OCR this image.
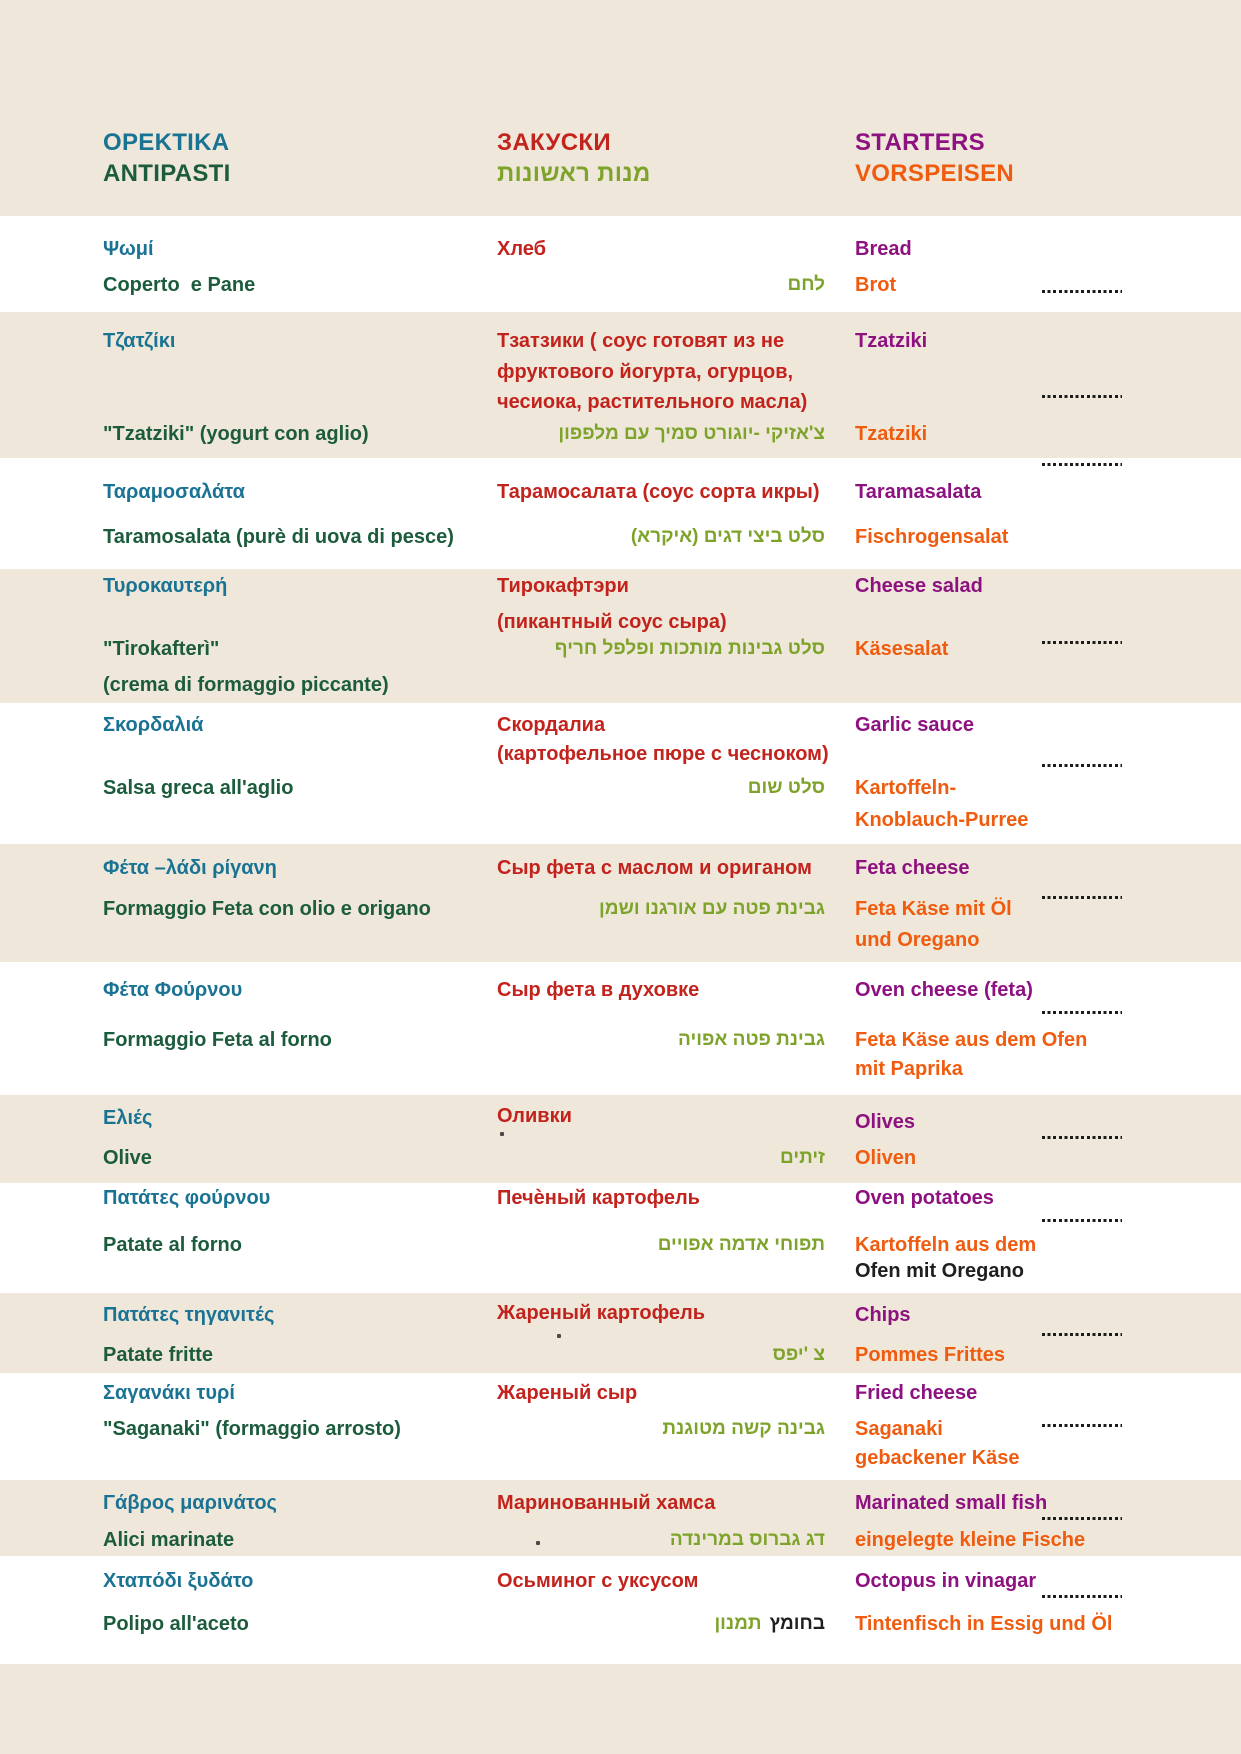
ΟΡΕΚΤΙΚΑ
ANTIPASTI
ЗАКУСКИ
מנות ראשונות
STARTERS
VORSPEISEN
Ψωμί	Хлеб	Bread
Coperto  e Pane	לחם Brot
Τζατζίκι	Тзатзики ( соус готовят из не	Tzatziki
фруктового йогурта, огурцов,
чесиока, растительного масла)
"Tzatziki" (yogurt con aglio)	צ'אזיקי -יוגורט סמיך עם מלפפון Tzatziki
Ταραμοσαλάτα	Тарамосалата (соус сорта икры) Taramasalata
Taramosalata (purè di uova di pesce)	סלט ביצי דגים (איקרא) Fischrogensalat
Τυροκαυτερή	Тирокафтэри	Cheese salad
(пикантный соус сыра)
"Tirokafterì"	סלט גבינות מותכות ופלפל חריף Käsesalat
(crema di formaggio piccante)
Σκορδαλιά	Скордалиа	Garlic sauce
(картофельное пюре с чесноком)
Salsa greca all'aglio	סלט שום Kartoffeln-
Knoblauch-Purree
Φέτα –λάδι ρίγανη	Сыр фета с маслом и ориганом Feta cheese
Formaggio Feta con olio e origano	גבינת פטה עם אורגנו ושמן Feta Käse mit Öl
und Oregano
Φέτα Φούρνου	Сыр фета в духовке	Oven cheese (feta)
Formaggio Feta al forno	גבינת פטה אפויה Feta Käse aus dem Ofen
mit Paprika
Ελιές	Оливки	Olives
Olive	זיתים Oliven
Πατάτες φούρνου	Печѐный картофель	Oven potatoes
Patate al forno	תפוחי אדמה אפויים Kartoffeln aus dem
Ofen mit Oregano
Πατάτες τηγανιτές	Жареный картофель	Chips
Patate fritte	צ 'יפס Pommes Frittes
Σαγανάκι τυρί	Жареный сыр	Fried cheese
"Saganaki" (formaggio arrosto)	גבינה קשה מטוגנת Saganaki
gebackener Käse
Γάβρος μαρινάτος	Маринованный хамса	Marinated small fish
Alici marinate	דג גברוס במרינדה eingelegte kleine Fische
Χταπόδι ξυδάτο	Осьминог с уксусом	Octopus in vinagar
Polipo all'aceto	תמנון בחומץ Tintenfisch in Essig und Öl
